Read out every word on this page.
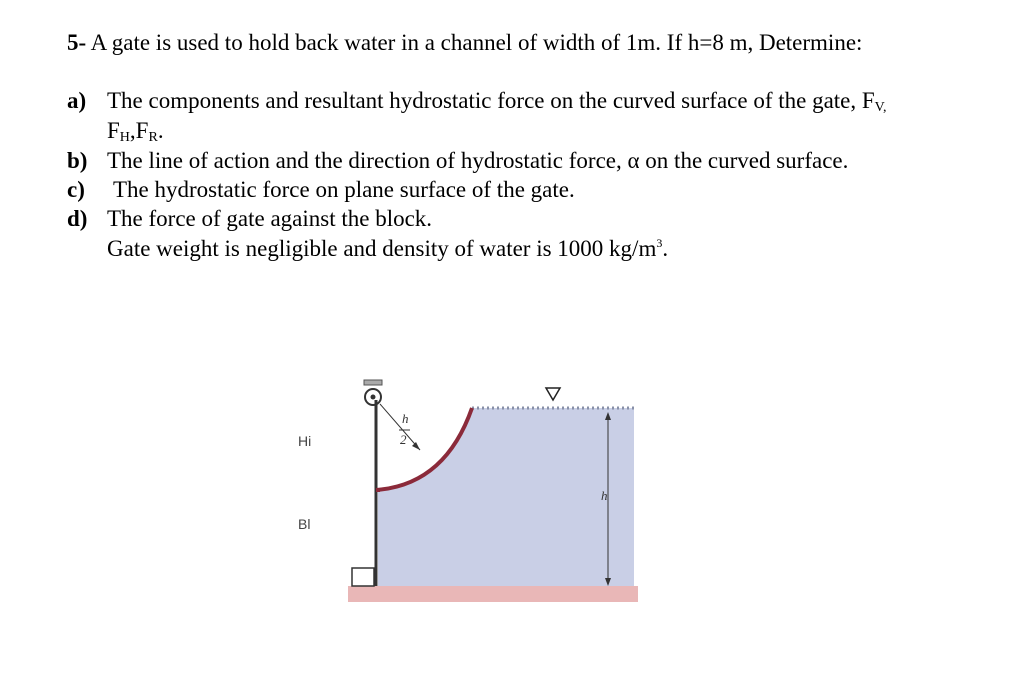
5- A gate is used to hold back water in a channel of width of 1m. If h=8 m, Determine:
a) The components and resultant hydrostatic force on the curved surface of the gate, FV,
FH,FR.
b) The line of action and the direction of hydrostatic force, α on the curved surface.
c) The hydrostatic force on plane surface of the gate.
d) The force of gate against the block.
Gate weight is negligible and density of water is 1000 $kg/m^3$.
h
2
h
Hi
Bl
